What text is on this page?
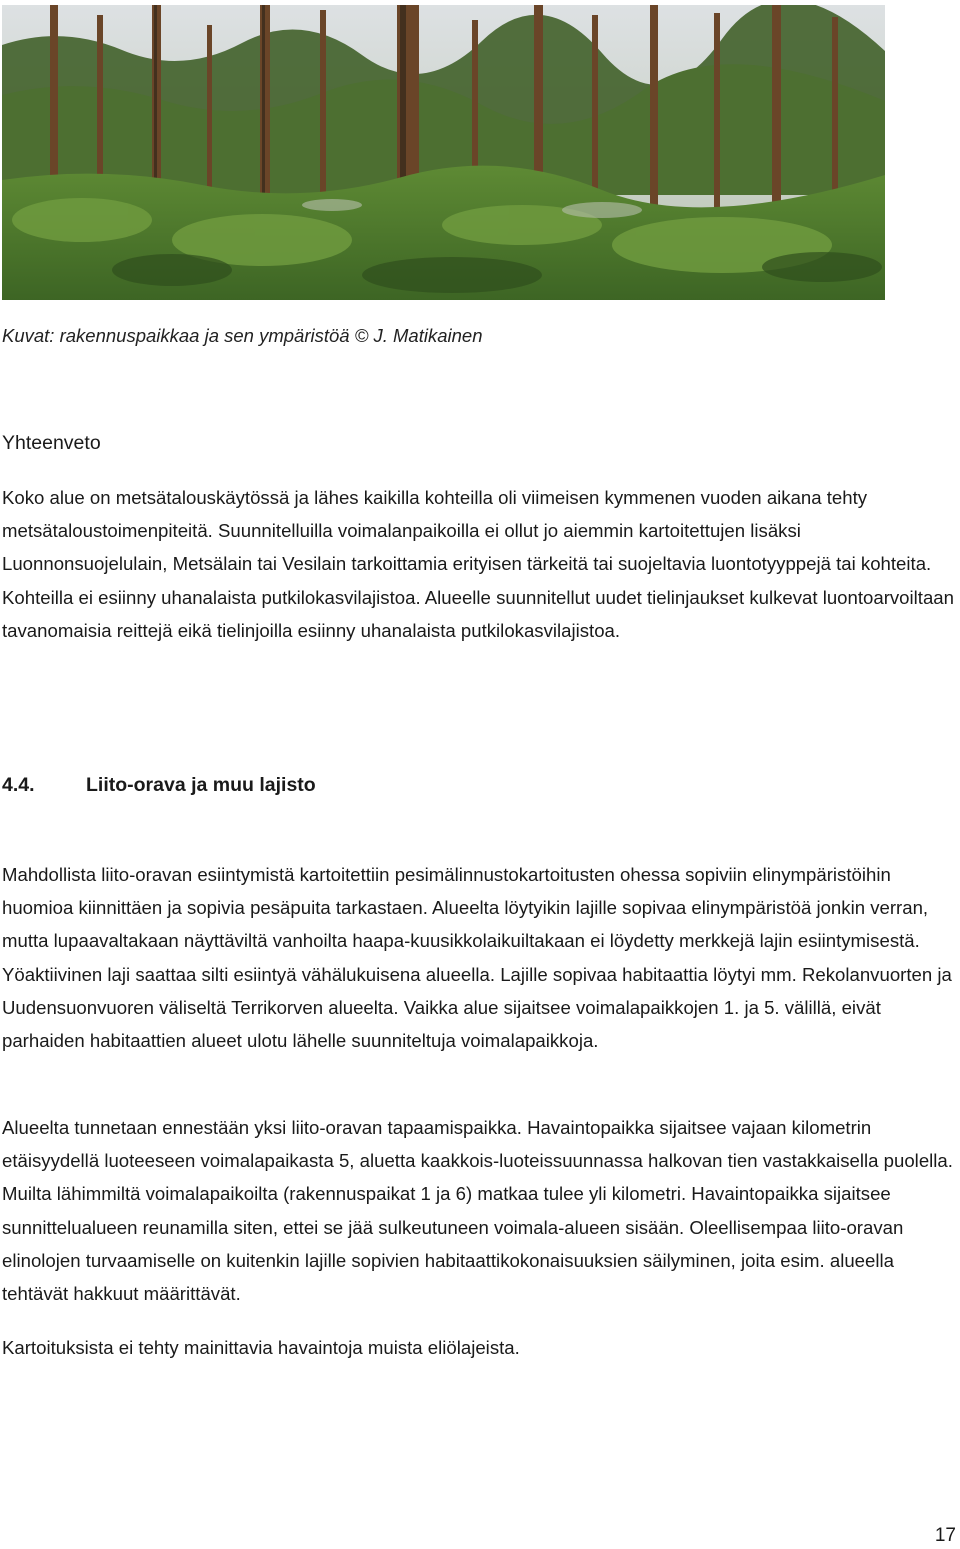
Kuvat: rakennuspaikkaa ja sen ympäristöä © J. Matikainen
Yhteenveto

Koko alue on metsätalouskäytössä ja lähes kaikilla kohteilla oli viimeisen kymmenen vuoden aikana tehty metsätaloustoimenpiteitä. Suunnitelluilla voimalanpaikoilla ei ollut jo aiemmin kartoitettujen lisäksi Luonnonsuojelulain, Metsälain tai Vesilain tarkoittamia erityisen tärkeitä tai suojeltavia luontotyyppejä tai kohteita. Kohteilla ei esiinny uhanalaista putkilokasvilajistoa. Alueelle suunnitellut uudet tielinjaukset kulkevat luontoarvoiltaan tavanomaisia reittejä eikä tielinjoilla esiinny uhanalaista putkilokasvilajistoa.

4.4.	Liito-orava ja muu lajisto

Mahdollista liito-oravan esiintymistä kartoitettiin pesimälinnustokartoitusten ohessa sopiviin elinympäristöihin huomioa kiinnittäen ja sopivia pesäpuita tarkastaen. Alueelta löytyikin lajille sopivaa elinympäristöä jonkin verran, mutta lupaavaltakaan näyttäviltä vanhoilta haapa-kuusikkolaikuiltakaan ei löydetty merkkejä lajin esiintymisestä. Yöaktiivinen laji saattaa silti esiintyä vähälukuisena alueella. Lajille sopivaa habitaattia löytyi mm. Rekolanvuorten ja Uudensuonvuoren väliseltä Terrikorven alueelta. Vaikka alue sijaitsee voimalapaikkojen 1. ja 5. välillä, eivät parhaiden habitaattien alueet ulotu lähelle suunniteltuja voimalapaikkoja.

Alueelta tunnetaan ennestään yksi liito-oravan tapaamispaikka. Havaintopaikka sijaitsee vajaan kilometrin etäisyydellä luoteeseen voimalapaikasta 5, aluetta kaakkois-luoteissuunnassa halkovan tien vastakkaisella puolella. Muilta lähimmiltä voimalapaikoilta (rakennuspaikat 1 ja 6) matkaa tulee yli kilometri. Havaintopaikka sijaitsee sunnittelualueen reunamilla siten, ettei se jää sulkeutuneen voimala-alueen sisään. Oleellisempaa liito-oravan elinolojen turvaamiselle on kuitenkin lajille sopivien habitaattikokonaisuuksien säilyminen, joita esim. alueella tehtävät hakkuut määrittävät.

Kartoituksista ei tehty mainittavia havaintoja muista eliölajeista.

17
